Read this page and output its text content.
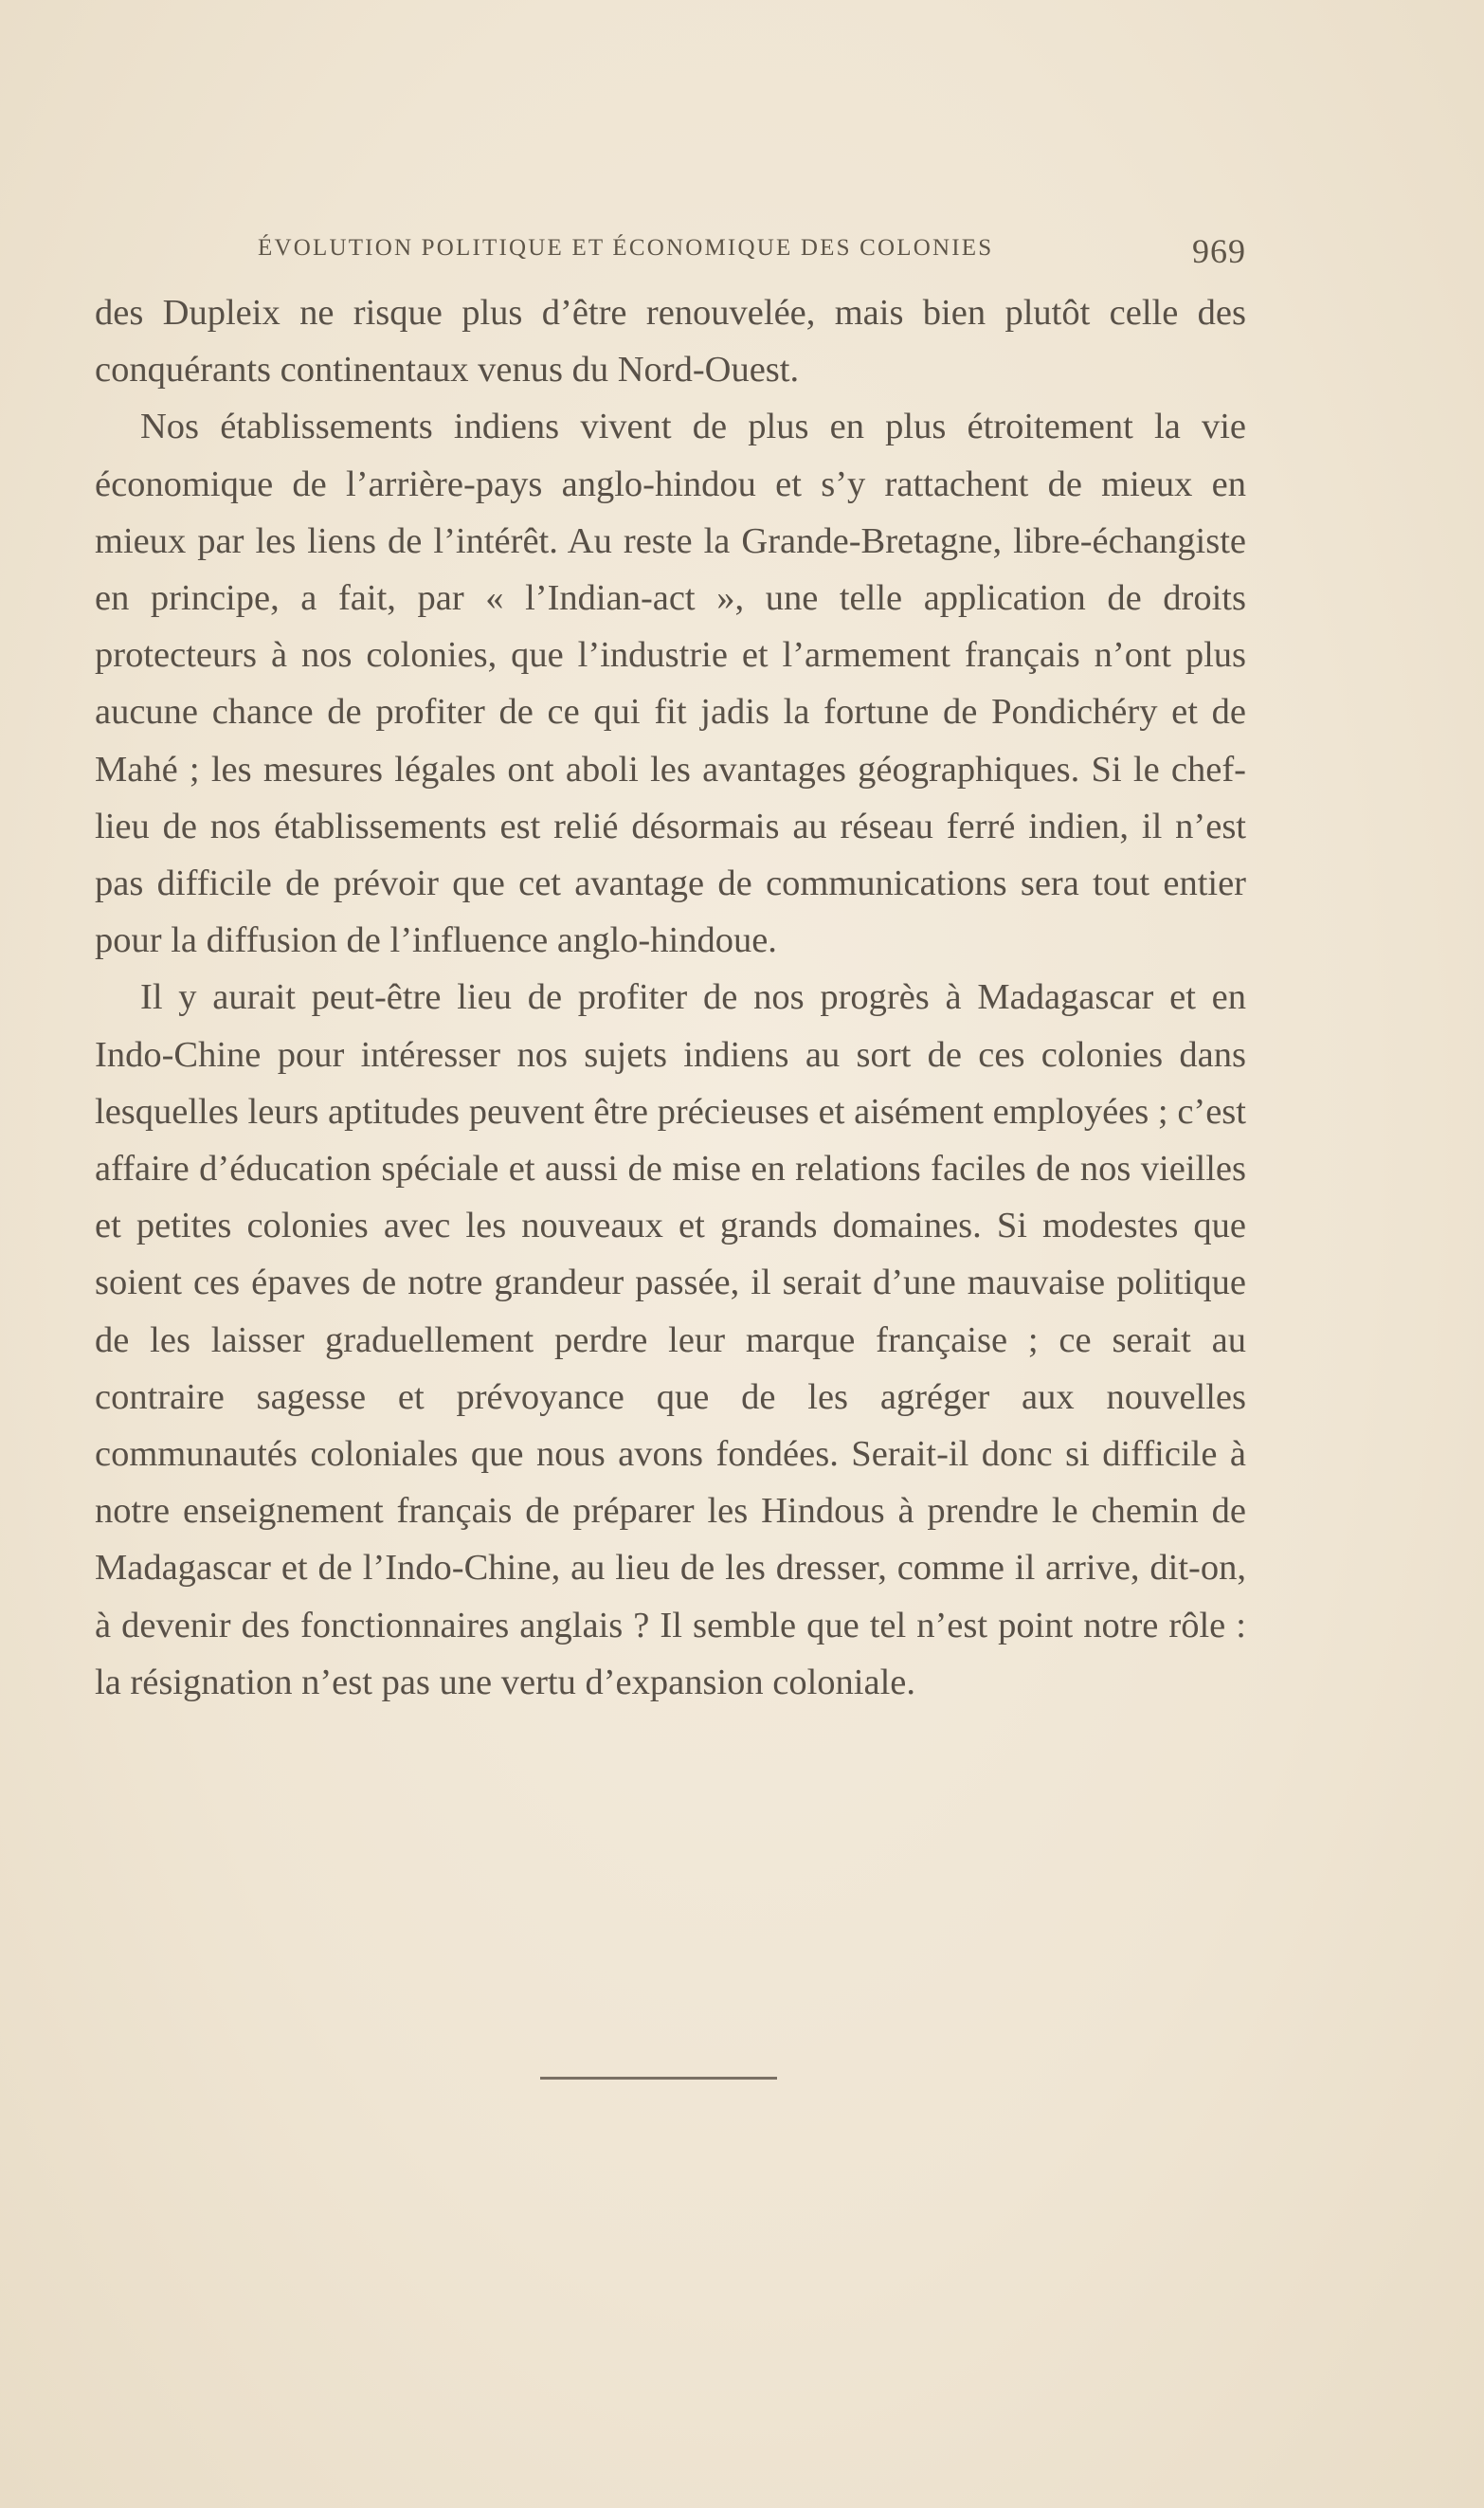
ÉVOLUTION POLITIQUE ET ÉCONOMIQUE DES COLONIES	969

des Dupleix ne risque plus d’être renouvelée, mais bien plutôt celle des conquérants continentaux venus du Nord-Ouest.

Nos établissements indiens vivent de plus en plus étroitement la vie économique de l’arrière-pays anglo-hindou et s’y rattachent de mieux en mieux par les liens de l’intérêt. Au reste la Grande-Bretagne, libre-échangiste en principe, a fait, par « l’Indian-act », une telle application de droits protecteurs à nos colonies, que l’industrie et l’armement français n’ont plus aucune chance de profiter de ce qui fit jadis la fortune de Pondichéry et de Mahé ; les mesures légales ont aboli les avantages géographiques. Si le chef-lieu de nos établissements est relié désormais au réseau ferré indien, il n’est pas difficile de prévoir que cet avantage de communications sera tout entier pour la diffusion de l’influence anglo-hindoue.

Il y aurait peut-être lieu de profiter de nos progrès à Madagascar et en Indo-Chine pour intéresser nos sujets indiens au sort de ces colonies dans lesquelles leurs aptitudes peuvent être précieuses et aisément employées ; c’est affaire d’éducation spéciale et aussi de mise en relations faciles de nos vieilles et petites colonies avec les nouveaux et grands domaines. Si modestes que soient ces épaves de notre grandeur passée, il serait d’une mauvaise politique de les laisser graduellement perdre leur marque française ; ce serait au contraire sagesse et prévoyance que de les agréger aux nouvelles communautés coloniales que nous avons fondées. Serait-il donc si difficile à notre enseignement français de préparer les Hindous à prendre le chemin de Madagascar et de l’Indo-Chine, au lieu de les dresser, comme il arrive, dit-on, à devenir des fonctionnaires anglais ? Il semble que tel n’est point notre rôle : la résignation n’est pas une vertu d’expansion coloniale.
